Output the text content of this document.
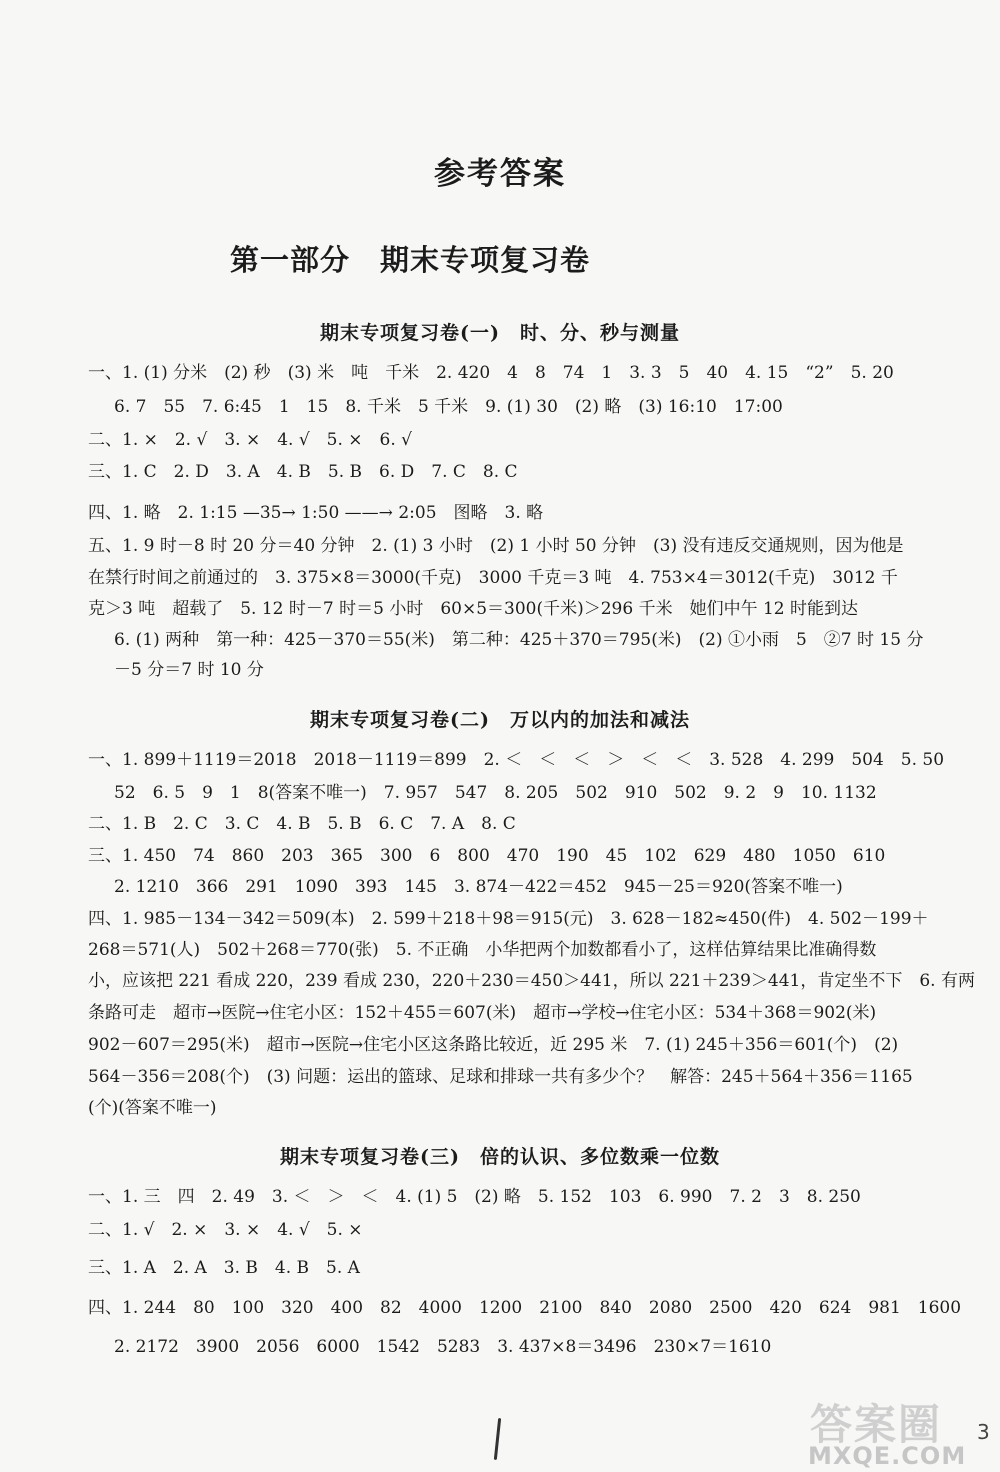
参考答案
第一部分　期末专项复习卷
期末专项复习卷(一)　时、分、秒与测量
一、1. (1) 分米　(2) 秒　(3) 米　吨　千米　2. 420　4　8　74　1　3. 3　5　40　4. 15　“2”　5. 20
6. 7　55　7. 6:45　1　15　8. 千米　5 千米　9. (1) 30　(2) 略　(3) 16:10　17:00
二、1. ×　2. √　3. ×　4. √　5. ×　6. √
三、1. C　2. D　3. A　4. B　5. B　6. D　7. C　8. C
四、1. 略　2. 1:15 —35→ 1:50 ——→ 2:05　图略　3. 略
五、1. 9 时－8 时 20 分＝40 分钟　2. (1) 3 小时　(2) 1 小时 50 分钟　(3) 没有违反交通规则，因为他是
在禁行时间之前通过的　3. 375×8＝3000(千克)　3000 千克＝3 吨　4. 753×4＝3012(千克)　3012 千
克＞3 吨　超载了　5. 12 时－7 时＝5 小时　60×5＝300(千米)＞296 千米　她们中午 12 时能到达
6. (1) 两种　第一种：425－370＝55(米)　第二种：425＋370＝795(米)　(2) ①小雨　5　②7 时 15 分
－5 分＝7 时 10 分
期末专项复习卷(二)　万以内的加法和减法
一、1. 899＋1119＝2018　2018－1119＝899　2. ＜　＜　＜　＞　＜　＜　3. 528　4. 299　504　5. 50
52　6. 5　9　1　8(答案不唯一)　7. 957　547　8. 205　502　910　502　9. 2　9　10. 1132
二、1. B　2. C　3. C　4. B　5. B　6. C　7. A　8. C
三、1. 450　74　860　203　365　300　6　800　470　190　45　102　629　480　1050　610
2. 1210　366　291　1090　393　145　3. 874－422＝452　945－25＝920(答案不唯一)
四、1. 985－134－342＝509(本)　2. 599＋218＋98＝915(元)　3. 628－182≈450(件)　4. 502－199＋
268＝571(人)　502＋268＝770(张)　5. 不正确　小华把两个加数都看小了，这样估算结果比准确得数
小，应该把 221 看成 220，239 看成 230，220＋230＝450＞441，所以 221＋239＞441，肯定坐不下　6. 有两
条路可走　超市→医院→住宅小区：152＋455＝607(米)　超市→学校→住宅小区：534＋368＝902(米)
902－607＝295(米)　超市→医院→住宅小区这条路比较近，近 295 米　7. (1) 245＋356＝601(个)　(2)
564－356＝208(个)　(3) 问题：运出的篮球、足球和排球一共有多少个？　解答：245＋564＋356＝1165
(个)(答案不唯一)
期末专项复习卷(三)　倍的认识、多位数乘一位数
一、1. 三　四　2. 49　3. ＜　＞　＜　4. (1) 5　(2) 略　5. 152　103　6. 990　7. 2　3　8. 250
二、1. √　2. ×　3. ×　4. √　5. ×
三、1. A　2. A　3. B　4. B　5. A
四、1. 244　80　100　320　400　82　4000　1200　2100　840　2080　2500　420　624　981　1600
2. 2172　3900　2056　6000　1542　5283　3. 437×8＝3496　230×7＝1610
答案圈
MXQE.COM
3
